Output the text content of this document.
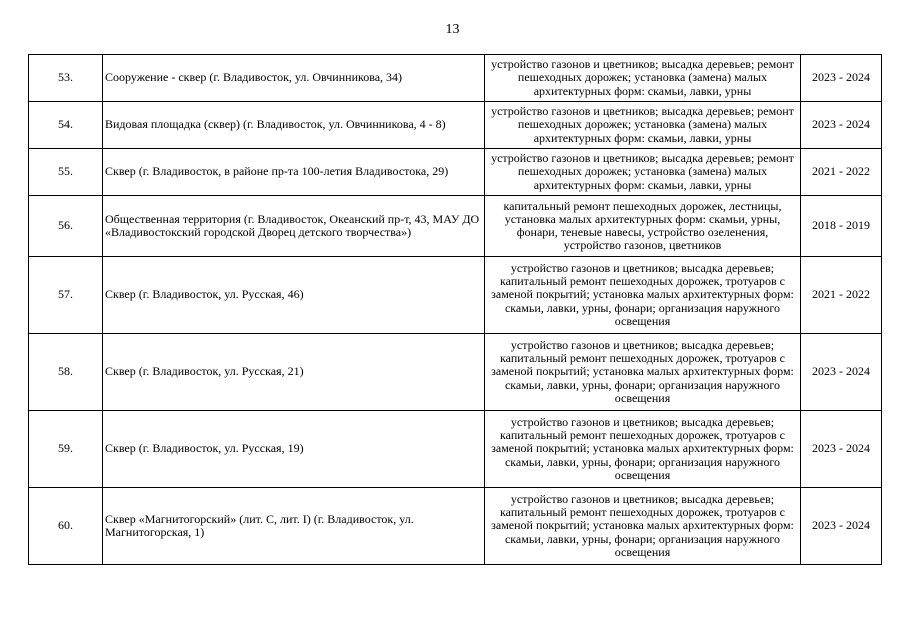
13
53.	Сооружение - сквер (г. Владивосток, ул. Овчинникова, 34)	устройство газонов и цветников; высадка деревьев; ремонт пешеходных дорожек; установка (замена) малых архитектурных форм: скамьи, лавки, урны	2023 - 2024
54.	Видовая площадка (сквер) (г. Владивосток, ул. Овчинникова, 4 - 8)	устройство газонов и цветников; высадка деревьев; ремонт пешеходных дорожек; установка (замена) малых архитектурных форм: скамьи, лавки, урны	2023 - 2024
55.	Сквер (г. Владивосток, в районе пр-та 100-летия Владивостока, 29)	устройство газонов и цветников; высадка деревьев; ремонт пешеходных дорожек; установка (замена) малых архитектурных форм: скамьи, лавки, урны	2021 - 2022
56.	Общественная территория (г. Владивосток, Океанский пр-т, 43, МАУ ДО «Владивостокский городской Дворец детского творчества»)	капитальный ремонт пешеходных дорожек, лестницы, установка малых архитектурных форм: скамьи, урны, фонари, теневые навесы, устройство озеленения, устройство газонов, цветников	2018 - 2019
57.	Сквер (г. Владивосток, ул. Русская, 46)	устройство газонов и цветников; высадка деревьев; капитальный ремонт пешеходных дорожек, тротуаров с заменой покрытий; установка малых архитектурных форм: скамьи, лавки, урны, фонари; организация наружного освещения	2021 - 2022
58.	Сквер (г. Владивосток, ул. Русская, 21)	устройство газонов и цветников; высадка деревьев; капитальный ремонт пешеходных дорожек, тротуаров с заменой покрытий; установка малых архитектурных форм: скамьи, лавки, урны, фонари; организация наружного освещения	2023 - 2024
59.	Сквер (г. Владивосток, ул. Русская, 19)	устройство газонов и цветников; высадка деревьев; капитальный ремонт пешеходных дорожек, тротуаров с заменой покрытий; установка малых архитектурных форм: скамьи, лавки, урны, фонари; организация наружного освещения	2023 - 2024
60.	Сквер «Магнитогорский» (лит. С, лит. I) (г. Владивосток, ул. Магнитогорская, 1)	устройство газонов и цветников; высадка деревьев; капитальный ремонт пешеходных дорожек, тротуаров с заменой покрытий; установка малых архитектурных форм: скамьи, лавки, урны, фонари; организация наружного освещения	2023 - 2024
